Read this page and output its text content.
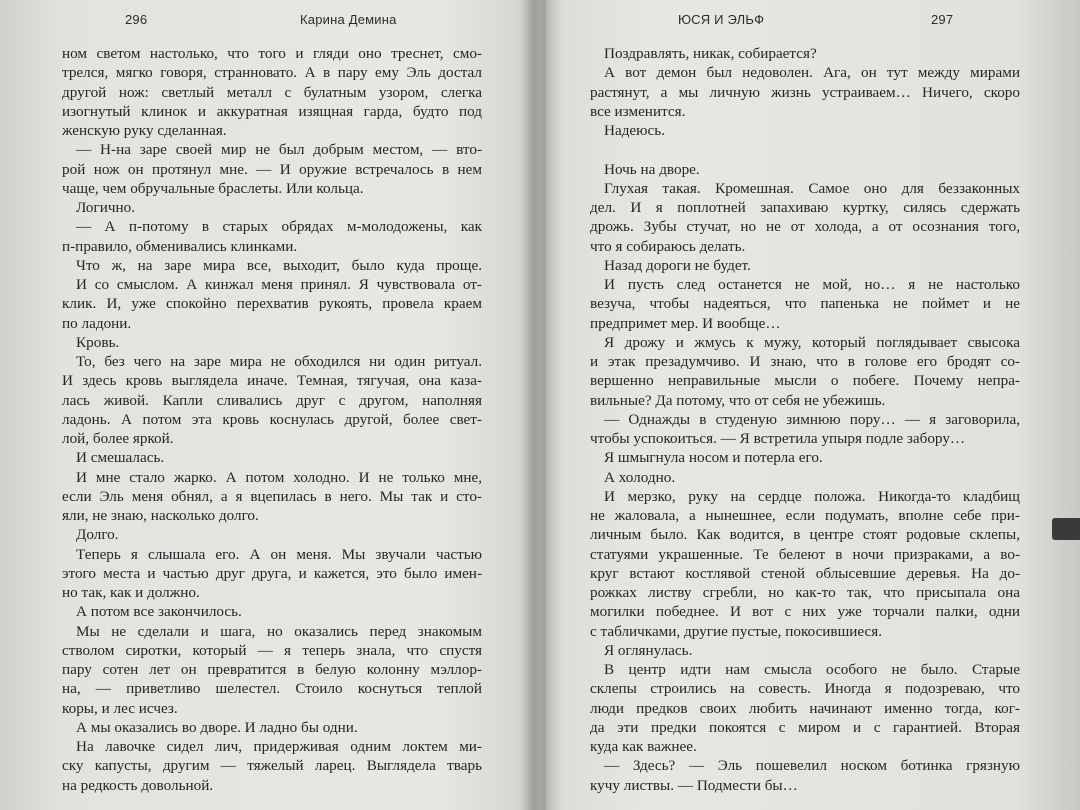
296	Карина Демина
ном светом настолько, что того и гляди оно треснет, смо-
трелся, мягко говоря, странновато. А в пару ему Эль достал
другой нож: светлый металл с булатным узором, слегка
изогнутый клинок и аккуратная изящная гарда, будто под
женскую руку сделанная.
— Н-на заре своей мир не был добрым местом, — вто-
рой нож он протянул мне. — И оружие встречалось в нем
чаще, чем обручальные браслеты. Или кольца.
Логично.
— А п-потому в старых обрядах м-молодожены, как
п-правило, обменивались клинками.
Что ж, на заре мира все, выходит, было куда проще.
И со смыслом. А кинжал меня принял. Я чувствовала от-
клик. И, уже спокойно перехватив рукоять, провела краем
по ладони.
Кровь.
То, без чего на заре мира не обходился ни один ритуал.
И здесь кровь выглядела иначе. Темная, тягучая, она каза-
лась живой. Капли сливались друг с другом, наполняя
ладонь. А потом эта кровь коснулась другой, более свет-
лой, более яркой.
И смешалась.
И мне стало жарко. А потом холодно. И не только мне,
если Эль меня обнял, а я вцепилась в него. Мы так и сто-
яли, не знаю, насколько долго.
Долго.
Теперь я слышала его. А он меня. Мы звучали частью
этого места и частью друг друга, и кажется, это было имен-
но так, как и должно.
А потом все закончилось.
Мы не сделали и шага, но оказались перед знакомым
стволом сиротки, который — я теперь знала, что спустя
пару сотен лет он превратится в белую колонну мэллор-
на, — приветливо шелестел. Стоило коснуться теплой
коры, и лес исчез.
А мы оказались во дворе. И ладно бы одни.
На лавочке сидел лич, придерживая одним локтем ми-
ску капусты, другим — тяжелый ларец. Выглядела тварь
на редкость довольной.
ЮСЯ И ЭЛЬФ	297
Поздравлять, никак, собирается?
А вот демон был недоволен. Ага, он тут между мирами
растянут, а мы личную жизнь устраиваем… Ничего, скоро
все изменится.
Надеюсь.
Ночь на дворе.
Глухая такая. Кромешная. Самое оно для беззаконных
дел. И я поплотней запахиваю куртку, силясь сдержать
дрожь. Зубы стучат, но не от холода, а от осознания того,
что я собираюсь делать.
Назад дороги не будет.
И пусть след останется не мой, но… я не настолько
везуча, чтобы надеяться, что папенька не поймет и не
предпримет мер. И вообще…
Я дрожу и жмусь к мужу, который поглядывает свысока
и этак презадумчиво. И знаю, что в голове его бродят со-
вершенно неправильные мысли о побеге. Почему непра-
вильные? Да потому, что от себя не убежишь.
— Однажды в студеную зимнюю пору… — я заговорила,
чтобы успокоиться. — Я встретила упыря подле забору…
Я шмыгнула носом и потерла его.
А холодно.
И мерзко, руку на сердце положа. Никогда-то кладбищ
не жаловала, а нынешнее, если подумать, вполне себе при-
личным было. Как водится, в центре стоят родовые склепы,
статуями украшенные. Те белеют в ночи призраками, а во-
круг встают костлявой стеной облысевшие деревья. На до-
рожках листву сгребли, но как-то так, что присыпала она
могилки победнее. И вот с них уже торчали палки, одни
с табличками, другие пустые, покосившиеся.
Я оглянулась.
В центр идти нам смысла особого не было. Старые
склепы строились на совесть. Иногда я подозреваю, что
люди предков своих любить начинают именно тогда, ког-
да эти предки покоятся с миром и с гарантией. Вторая
куда как важнее.
— Здесь? — Эль пошевелил носком ботинка грязную
кучу листвы. — Подмести бы…
